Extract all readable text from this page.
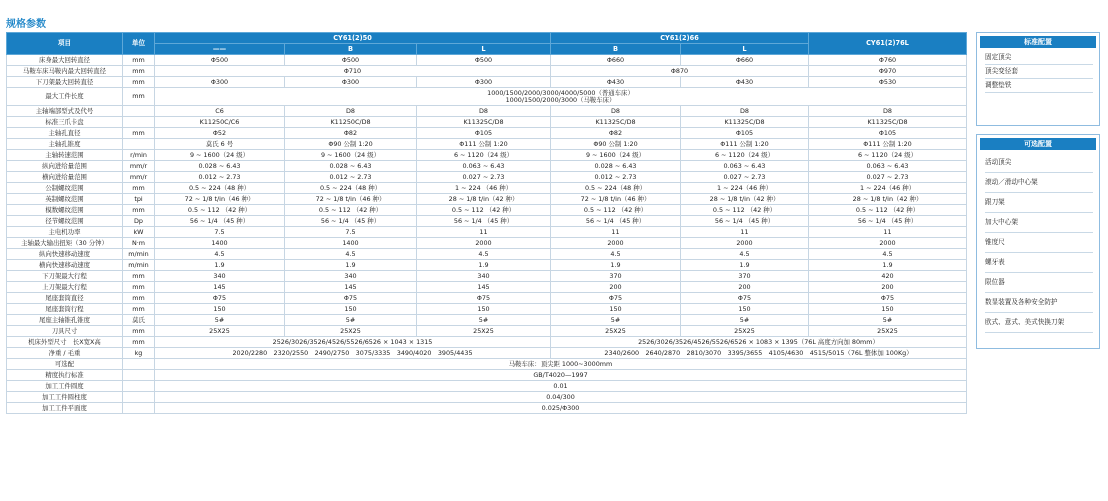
规格参数
项目	单位	CY61(2)50			CY61(2)66		CY61(2)76L
		——	B	L	B	L	
床身最大回转直径	mm	Φ500	Φ500	Φ500	Φ660	Φ660	Φ760
马鞍车床马鞍内最大回转直径	mm	Φ710			Φ870		Φ970
下刀架最大回转直径	mm	Φ300	Φ300	Φ300	Φ430	Φ430	Φ530
最大工件长度	mm	1000/1500/2000/3000/4000/5000（普通车床）
1000/1500/2000/3000（马鞍车床）					
主轴端部型式及代号		C6	D8	D8	D8	D8	D8
标准三爪卡盘		K11250C/C6	K11250C/D8	K11325C/D8	K11325C/D8	K11325C/D8	K11325C/D8
主轴孔直径	mm	Φ52	Φ82	Φ105	Φ82	Φ105	Φ105
主轴孔锥度		莫氏 6 号	Φ90 公制 1:20	Φ111 公制 1:20	Φ90 公制 1:20	Φ111 公制 1:20	Φ111 公制 1:20
主轴转速范围	r/min	9 ~ 1600（24 级）	9 ~ 1600（24 级）	6 ~ 1120（24 级）	9 ~ 1600（24 级）	6 ~ 1120（24 级）	6 ~ 1120（24 级）
纵向进给量范围	mm/r	0.028 ~ 6.43	0.028 ~ 6.43	0.063 ~ 6.43	0.028 ~ 6.43	0.063 ~ 6.43	0.063 ~ 6.43
横向进给量范围	mm/r	0.012 ~ 2.73	0.012 ~ 2.73	0.027 ~ 2.73	0.012 ~ 2.73	0.027 ~ 2.73	0.027 ~ 2.73
公制螺纹范围	mm	0.5 ~ 224（48 种）	0.5 ~ 224（48 种）	1 ~ 224 （46 种）	0.5 ~ 224（48 种）	1 ~ 224（46 种）	1 ~ 224（46 种）
英制螺纹范围	tpi	72 ~ 1/8 t/in（46 种）	72 ~ 1/8 t/in（46 种）	28 ~ 1/8 t/in（42 种）	72 ~ 1/8 t/in（46 种）	28 ~ 1/8 t/in（42 种）	28 ~ 1/8 t/in（42 种）
模数螺纹范围	mm	0.5 ~ 112 （42 种）	0.5 ~ 112 （42 种）	0.5 ~ 112 （42 种）	0.5 ~ 112 （42 种）	0.5 ~ 112 （42 种）	0.5 ~ 112 （42 种）
径节螺纹范围	Dp	56 ~ 1/4 （45 种）	56 ~ 1/4 （45 种）	56 ~ 1/4 （45 种）	56 ~ 1/4 （45 种）	56 ~ 1/4 （45 种）	56 ~ 1/4 （45 种）
主电机功率	kW	7.5	7.5	11	11	11	11
主轴最大输出扭矩（30 分钟）	N·m	1400	1400	2000	2000	2000	2000
纵向快速移动速度	m/min	4.5	4.5	4.5	4.5	4.5	4.5
横向快速移动速度	m/min	1.9	1.9	1.9	1.9	1.9	1.9
下刀架最大行程	mm	340	340	340	370	370	420
上刀架最大行程	mm	145	145	145	200	200	200
尾座套筒直径	mm	Φ75	Φ75	Φ75	Φ75	Φ75	Φ75
尾座套筒行程	mm	150	150	150	150	150	150
尾座主轴锥孔锥度	莫氏	5#	5#	5#	5#	5#	5#
刀具尺寸	mm	25X25	25X25	25X25	25X25	25X25	25X25
机床外型尺寸　长X宽X高	mm	2526/3026/3526/4526/5526/6526 × 1043 × 1315			2526/3026/3526/4526/5526/6526 × 1083 × 1395（76L 高度方向加 80mm）		
净重 / 毛重	kg	2020/2280　2320/2550　2490/2750　3075/3335　3490/4020　3905/4435			2340/2600　2640/2870　2810/3070　3395/3655　4105/4630　4515/5015（76L 整体加 100Kg）		
可选配		马鞍车床：顶尖距 1000~3000mm					
精度执行标准		GB/T4020—1997					
加工工件圆度		0.01					
加工工件圆柱度		0.04/300					
加工工件平面度		0.025/Φ300					
标准配置
固定顶尖
顶尖变径套
调整垫铁
可选配置
活动顶尖
滚动／滑动中心架
跟刀架
加大中心架
锥度尺
螺牙表
限位器
数显装置及各种安全防护
欧式、意式、美式快换刀架
